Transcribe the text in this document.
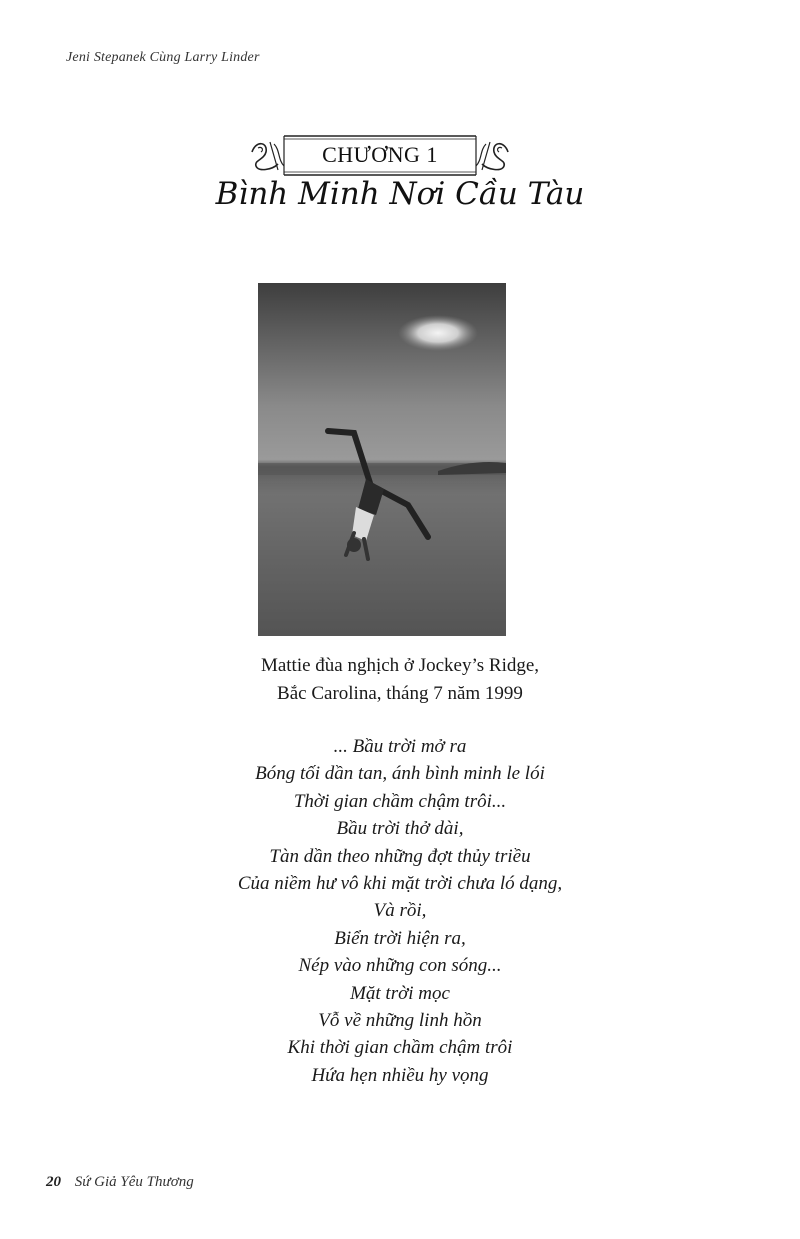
Jeni Stepanek Cùng Larry Linder
CHƯƠNG 1
Bình Minh Nơi Cầu Tàu
Mattie đùa nghịch ở Jockey’s Ridge,
Bắc Carolina, tháng 7 năm 1999
... Bầu trời mở ra
Bóng tối dần tan, ánh bình minh le lói
Thời gian chầm chậm trôi...
Bầu trời thở dài,
Tàn dần theo những đợt thủy triều
Của niềm hư vô khi mặt trời chưa ló dạng,
Và rồi,
Biển trời hiện ra,
Nép vào những con sóng...
Mặt trời mọc
Vỗ về những linh hồn
Khi thời gian chầm chậm trôi
Hứa hẹn nhiều hy vọng
20 Sứ Giả Yêu Thương
